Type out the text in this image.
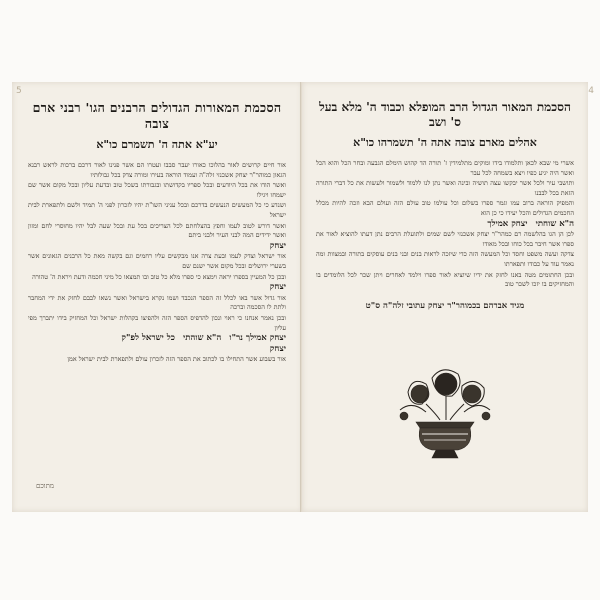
הסכמת המאורות הגדולים הרבנים הגו' רבני ארם צובה
יע"א אתה ה' תשמרם כו"א

אור חיים קרושים לאור בהלוכו כאורו יעבר סבבו ועטרו הם אשר פנינו לאור דרכם ברכות לראש רבנא הגאון כמוהר"ר יצחק אשכנזי זלה"ה ועמוד הוראה בעירו ומורה צדק בכל גבולותיו

ואשר הודו את בכל היודעים ובכל ספריו בקדושתו ובגבורתו בשכל טוב ובדעת עליון ובכל מקום אשר שם ישמחו ויגילו

ושנדע כי כל המעשים הנעשים בדרכם ובכל עניני השו"ת יהיו לזכרון לפני ה' תמיד ולשם ולתפארת לבית ישראל

ואשר דורש לטוב לעמו וחפץ בהצלחתם לכל הצריכים בכל עת ובכל שעה לבל יהיו מחוסרי לחם ומזון ואשר ידידים המה לבני העיר ולבני ביתם

יצחק

אור ישראל וצדק לעמו ובעת צרה אנו מבקשים עליו רחמים וגם בקשה מאת כל הרבנים הגאונים אשר בשערי ירושלים ובכל מקום אשר ישנם שם

ובכן כל המעיין בספרו יראה וימצא כי ספרו מלא כל טוב ובו תמצאו כל מיני חכמה ודעת ויראת ה' טהורה

יצחק

אור גדול אשר באו לכלל זה הספר הנכבד ושמו נקרא בישראל ואשר נשאו לבבם לחזק את ידי המחבר ולתת לו הסכמה וברכה

ובכן נאמר אנחנו כי ראוי ונכון להדפיס הספר הזה ולהפיצו בקהלות ישראל וכל המחזיק בידו יתברך מפי עליון

יצחק אמילך נר"ו    ה"א שוהתי    כל ישראל לפ"ק

יצחק

אור בשבוע אשר התחילו בו לכתוב את הספר הזה לזכרון עולם ולתפארת לבית ישראל אמן

מתוכם
הסכמת המאור הגדול הרב המופלא וכבוד ה' מלא בעל ס' ושב
אהלים מארם צובה אתה ה' תשמרהו כו"א

אשרי מי שבא לכאן ותלמודו בידו ומוקים מתלמידין ז' תורה הד קהוש הימלם הגבעה ובחר הכל והוא הכל ואשר היה יגיע כפיו ויצא בשמחה לכל עבר

ותושבי עיר ולכל אשר יבקשו עצה תושיה ובינה ואשר נתן לנו ללמוד ולשמור ולעשות את כל דברי התורה הזאת בכל לבבנו

והמפיק הוראה ברוב עמו וגמר ספרו בשלום וכל עולמו טוב עולם הזה ועולם הבא וזכה להיות מכלל החכמים הגדולים והכל יעידו כי כן הוא

ה"א שוחתי    יצחק אמילך

לכן הן הגו בהלשמה רם כמהר"ר יצחק אשכנזי לשם שמים ולתועלת הרבים נתן דעתו להוציא לאור את ספרו אשר חיבר בכל כוחו ובכל מאודו

צדקה ועשה משפט וחסד וכל המעשה הזה כדי שיזכה לראות בנים ובני בנים עוסקים בתורה ובמצוות ומה נאמר עוד על כבודו ותפארתו

ובכן החתומים מטה באנו לחזק את ידיו שיוציא לאור ספרו וילמד לאחרים ויתן שכר לכל הלומדים בו והמחזיקים בו יזכו לשכר טוב

מגיד אברהם בכמוהר"ר יצחק עתובי זלה"ה ס"ט
5	4
